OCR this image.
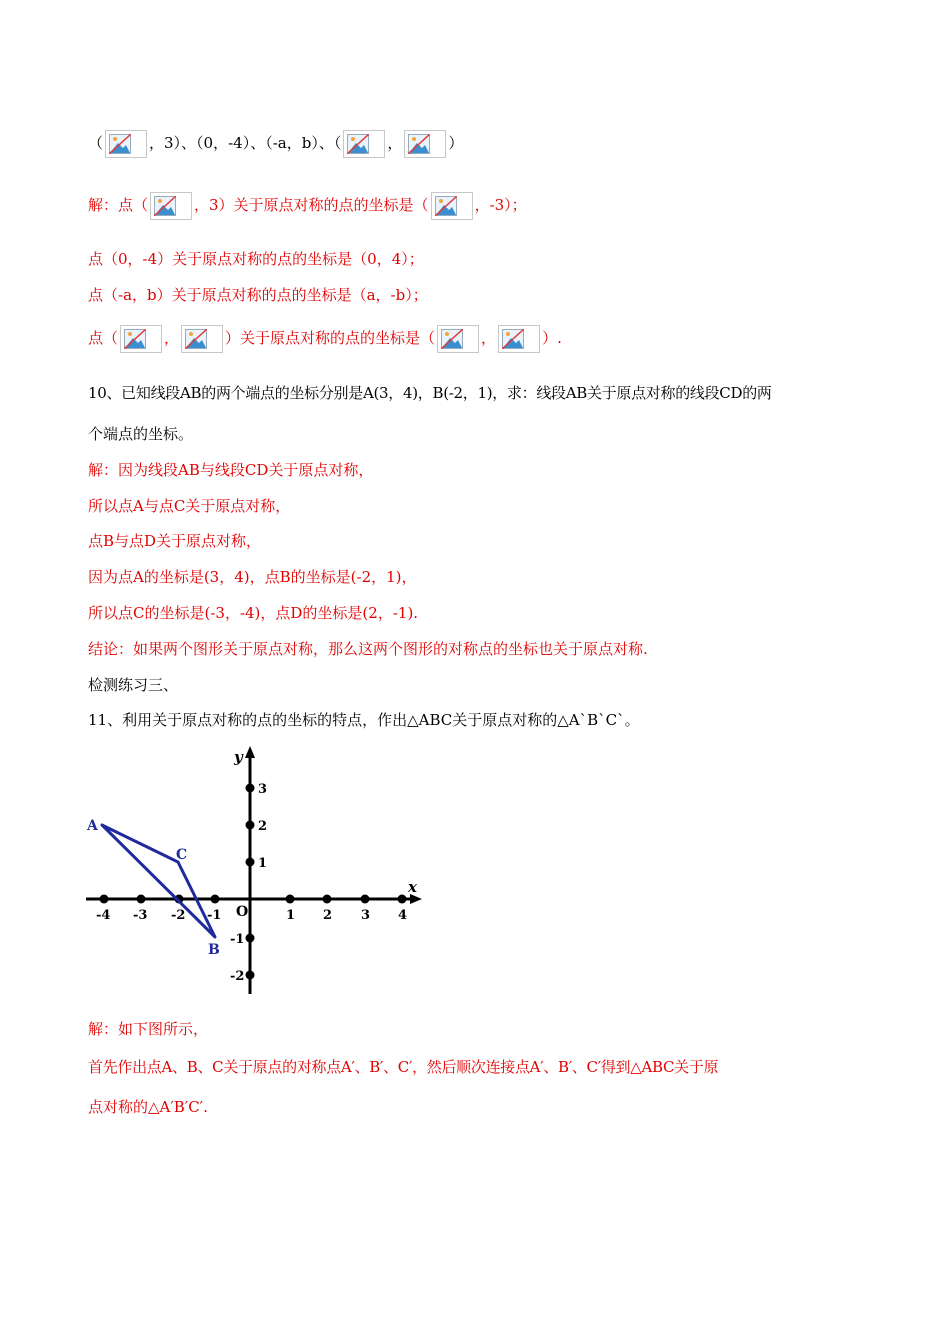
（	，3）、（0，-4）、（-a，b）、（	，	）
解：点（	，3）关于原点对称的点的坐标是（	，-3）；
点（0，-4）关于原点对称的点的坐标是（0，4）；
点（-a，b）关于原点对称的点的坐标是（a，-b）；
点（	，	）关于原点对称的点的坐标是（	，	）.
10、已知线段AB的两个端点的坐标分别是A(3，4)，B(-2，1)，求：线段AB关于原点对称的线段CD的两
个端点的坐标。
解：因为线段AB与线段CD关于原点对称，
所以点A与点C关于原点对称，
点B与点D关于原点对称，
因为点A的坐标是(3，4)，点B的坐标是(-2，1)，
所以点C的坐标是(-3，-4)，点D的坐标是(2，-1).
结论：如果两个图形关于原点对称，那么这两个图形的对称点的坐标也关于原点对称.
检测练习三、
11、利用关于原点对称的点的坐标的特点，作出△ABC关于原点对称的△A`B`C`。
x
y
O
-4 -3 -2 -1	1 2 3 4
3
2
1
-1
-2
A
B
C
解：如下图所示，
首先作出点A、B、C关于原点的对称点A′、B′、C′，然后顺次连接点A′、B′、C′得到△ABC关于原
点对称的△A′B′C′.
